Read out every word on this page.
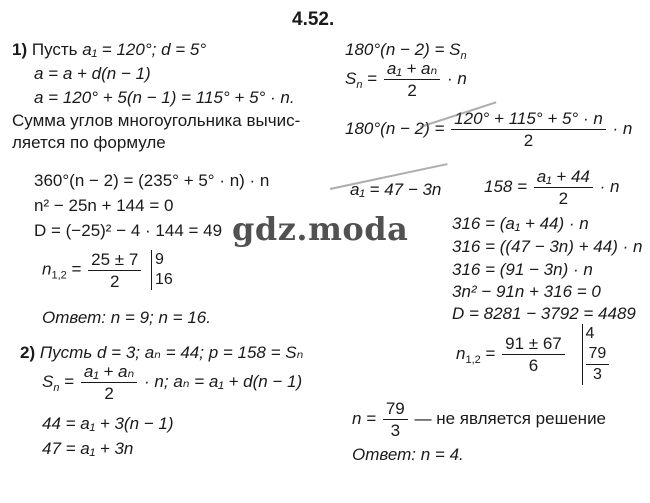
4.52.
1) Пусть a₁ = 120°; d = 5°
a = a + d(n − 1)
a = 120° + 5(n − 1) = 115° + 5° · n.
Сумма углов многоугольника вычис-
ляется по формуле
360°(n − 2) = (235° + 5° · n) · n
n² − 25n + 144 = 0
D = (−25)² − 4 · 144 = 49
$n_{1,2} = \frac{25 \pm 7}{2}$
9
16
Ответ: n = 9; n = 16.
$180^\circ(n - 2) = S_n$
$S_n = \frac{\text{a₁ + aₙ}}{2} \cdot n$
$180^\circ(n - 2) = \frac{120^\circ + 115^\circ + 5^\circ \cdot n}{2} \cdot n$
a₁ = 47 − 3n	$158 = \frac{\text{a₁ + 44}}{2} \cdot n$
316 = (a₁ + 44) · n
316 = ((47 − 3n) + 44) · n
316 = (91 − 3n) · n
3n² − 91n + 316 = 0
D = 8281 − 3792 = 4489
$n_{1,2} = \frac{91 \pm 67}{6}$

4
$\frac{79}{3}$
$n = \frac{79}{3}$ — не является решение
Ответ: n = 4.
2) Пусть d = 3; aₙ = 44; p = 158 = Sₙ
$S_n = \frac{\text{a₁ + aₙ}}{2} \cdot n$; aₙ = a₁ + d(n − 1)
44 = a₁ + 3(n − 1)
47 = a₁ + 3n
gdz.moda
